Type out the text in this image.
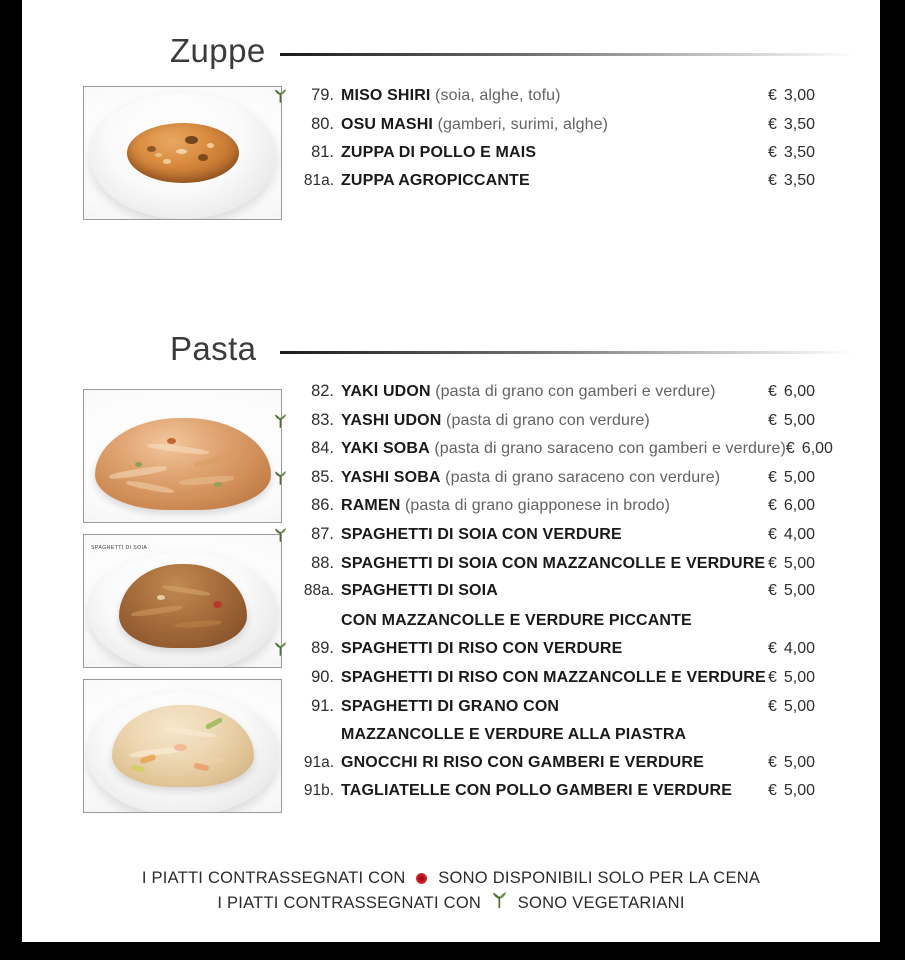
Zuppe
79. MISO SHIRI (soia, alghe, tofu)	€ 3,00
80. OSU MASHI (gamberi, surimi, alghe)	€ 3,50
81. ZUPPA DI POLLO E MAIS	€ 3,50
81a. ZUPPA AGROPICCANTE	€ 3,50
Pasta
SPAGHETTI DI SOIA
82. YAKI UDON (pasta di grano con gamberi e verdure)	€ 6,00
83. YASHI UDON (pasta di grano con verdure)	€ 5,00
84. YAKI SOBA (pasta di grano saraceno con gamberi e verdure) € 6,00
85. YASHI SOBA (pasta di grano saraceno con verdure)	€ 5,00
86. RAMEN (pasta di grano giapponese in brodo)	€ 6,00
87. SPAGHETTI DI SOIA CON VERDURE	€ 4,00
88. SPAGHETTI DI SOIA CON MAZZANCOLLE E VERDURE € 5,00
88a. SPAGHETTI DI SOIA	€ 5,00
CON MAZZANCOLLE E VERDURE PICCANTE
89. SPAGHETTI DI RISO CON VERDURE	€ 4,00
90. SPAGHETTI DI RISO CON MAZZANCOLLE E VERDURE € 5,00
91. SPAGHETTI DI GRANO CON	€ 5,00
MAZZANCOLLE E VERDURE ALLA PIASTRA
91a. GNOCCHI RI RISO CON GAMBERI E VERDURE	€ 5,00
91b. TAGLIATELLE CON POLLO GAMBERI E VERDURE	€ 5,00
I PIATTI CONTRASSEGNATI CON SONO DISPONIBILI SOLO PER LA CENA
I PIATTI CONTRASSEGNATI CON SONO VEGETARIANI
